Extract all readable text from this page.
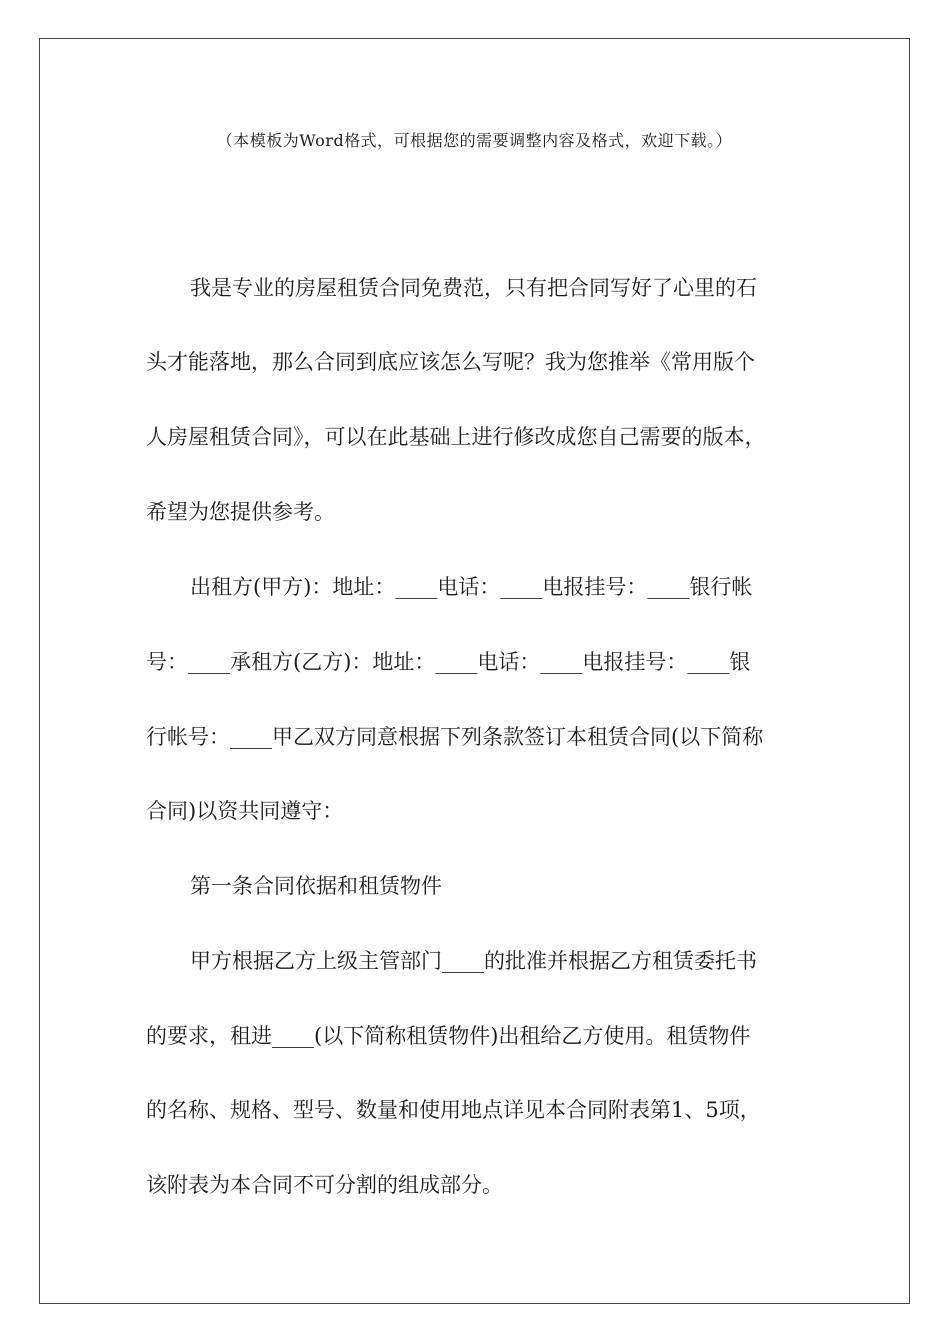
（本模板为Word格式，可根据您的需要调整内容及格式，欢迎下载。）
我是专业的房屋租赁合同免费范，只有把合同写好了心里的石
头才能落地，那么合同到底应该怎么写呢？我为您推举《常用版个
人房屋租赁合同》，可以在此基础上进行修改成您自己需要的版本，
希望为您提供参考。
出租方(甲方)：地址：____电话：____电报挂号：____银行帐
号：____承租方(乙方)：地址：____电话：____电报挂号：____银
行帐号：____甲乙双方同意根据下列条款签订本租赁合同(以下简称
合同)以资共同遵守：
第一条合同依据和租赁物件
甲方根据乙方上级主管部门____的批准并根据乙方租赁委托书
的要求，租进____(以下简称租赁物件)出租给乙方使用。租赁物件
的名称、规格、型号、数量和使用地点详见本合同附表第1、5项，
该附表为本合同不可分割的组成部分。
